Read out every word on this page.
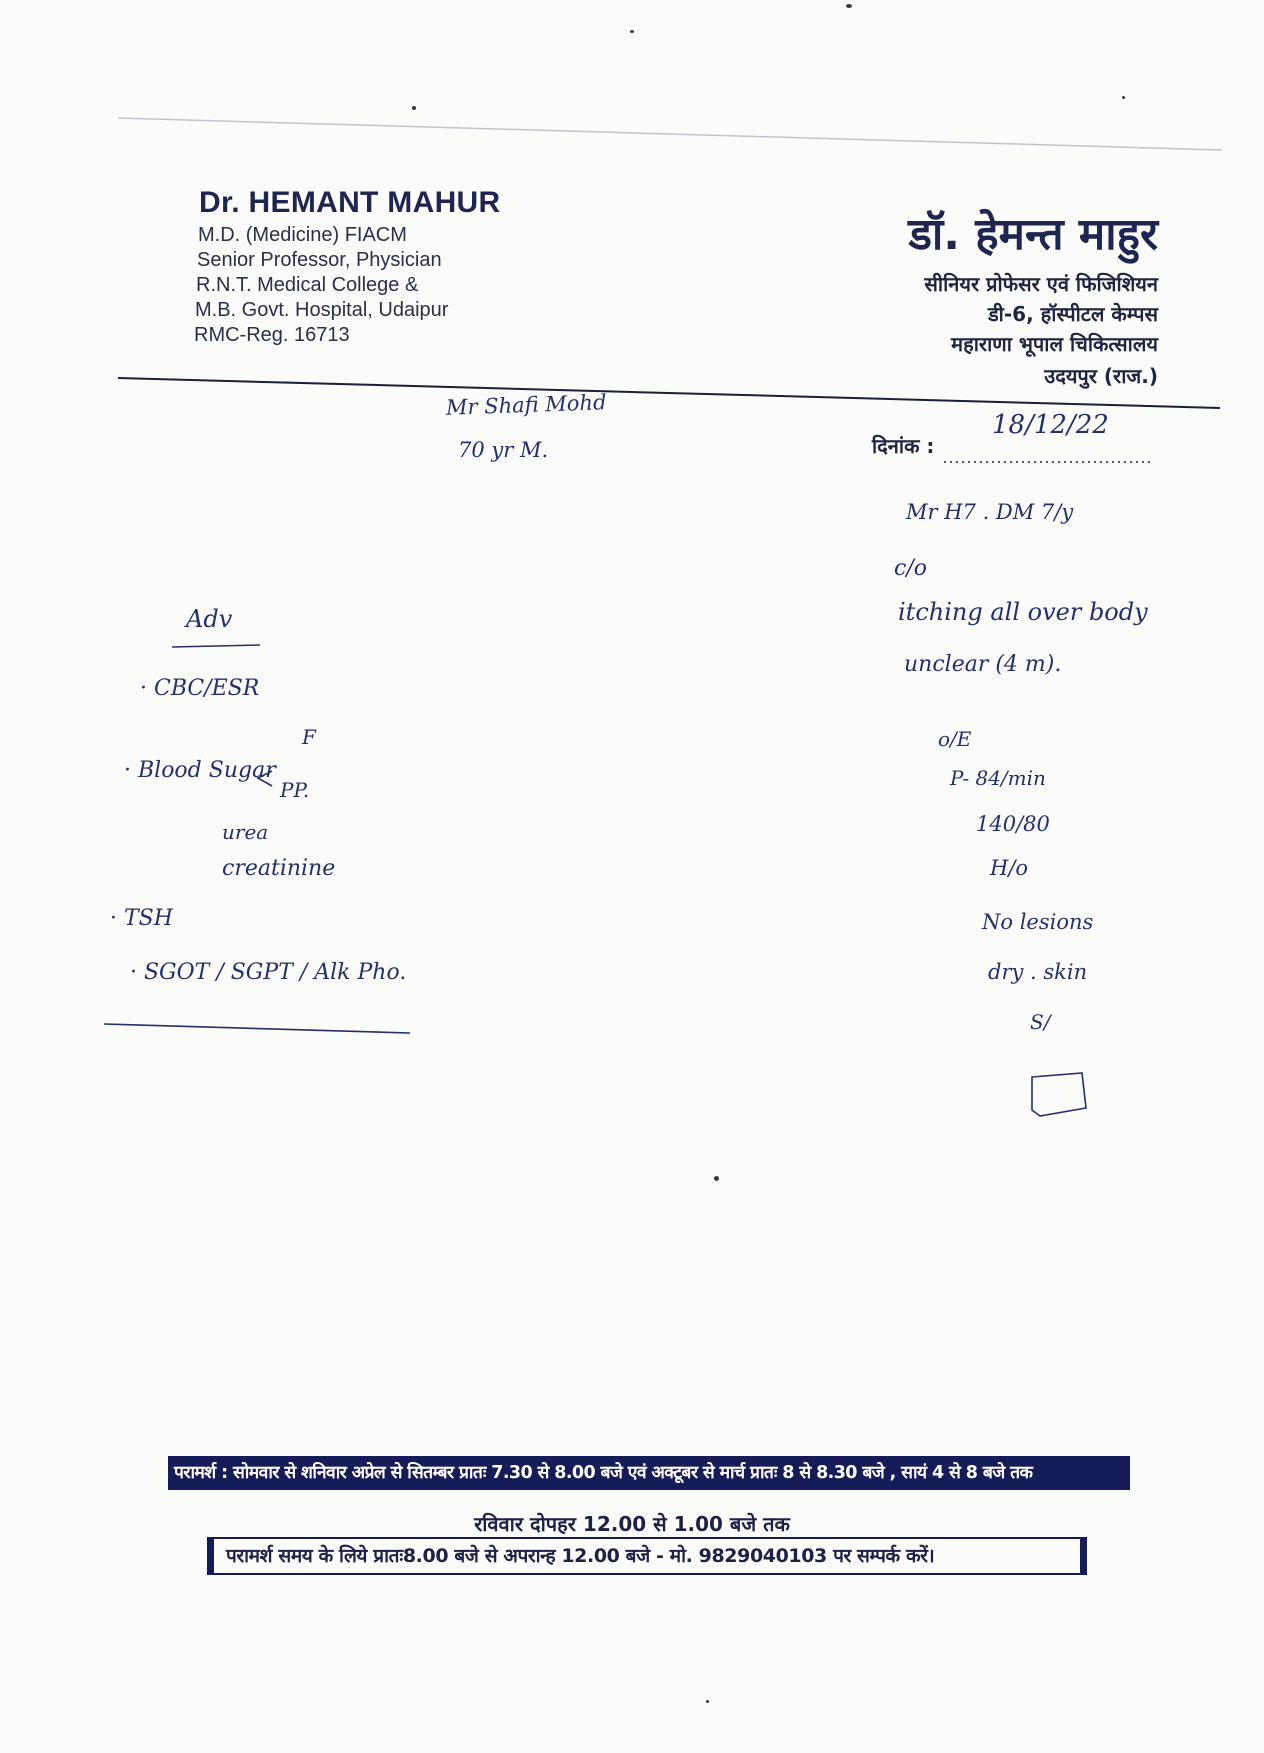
Dr. HEMANT MAHUR
M.D. (Medicine) FIACM
Senior Professor, Physician
R.N.T. Medical College &
M.B. Govt. Hospital, Udaipur
RMC-Reg. 16713
डॉ. हेमन्त माहुर
सीनियर प्रोफेसर एवं फिजिशियन
डी-6, हॉस्पीटल केम्पस
महाराणा भूपाल चिकित्सालय
उदयपुर (राज.)
दिनांक :
18/12/22
Mr Shafi Mohd
70 yr M.
Adv
· CBC/ESR
F
· Blood Sugar
PP.
urea
creatinine
· TSH
· SGOT / SGPT / Alk Pho.
Mr H7 . DM 7/y
c/o
itching all over body
unclear (4 m).
o/E
P- 84/min
140/80
H/o
No lesions
dry . skin
S/
परामर्श : सोमवार से शनिवार अप्रेल से सितम्बर प्रातः 7.30 से 8.00 बजे एवं अक्टूबर से मार्च प्रातः 8 से 8.30 बजे , सायं 4 से 8 बजे तक
रविवार दोपहर 12.00 से 1.00 बजे तक
परामर्श समय के लिये प्रातः8.00 बजे से अपरान्ह 12.00 बजे - मो. 9829040103 पर सम्पर्क करें।
